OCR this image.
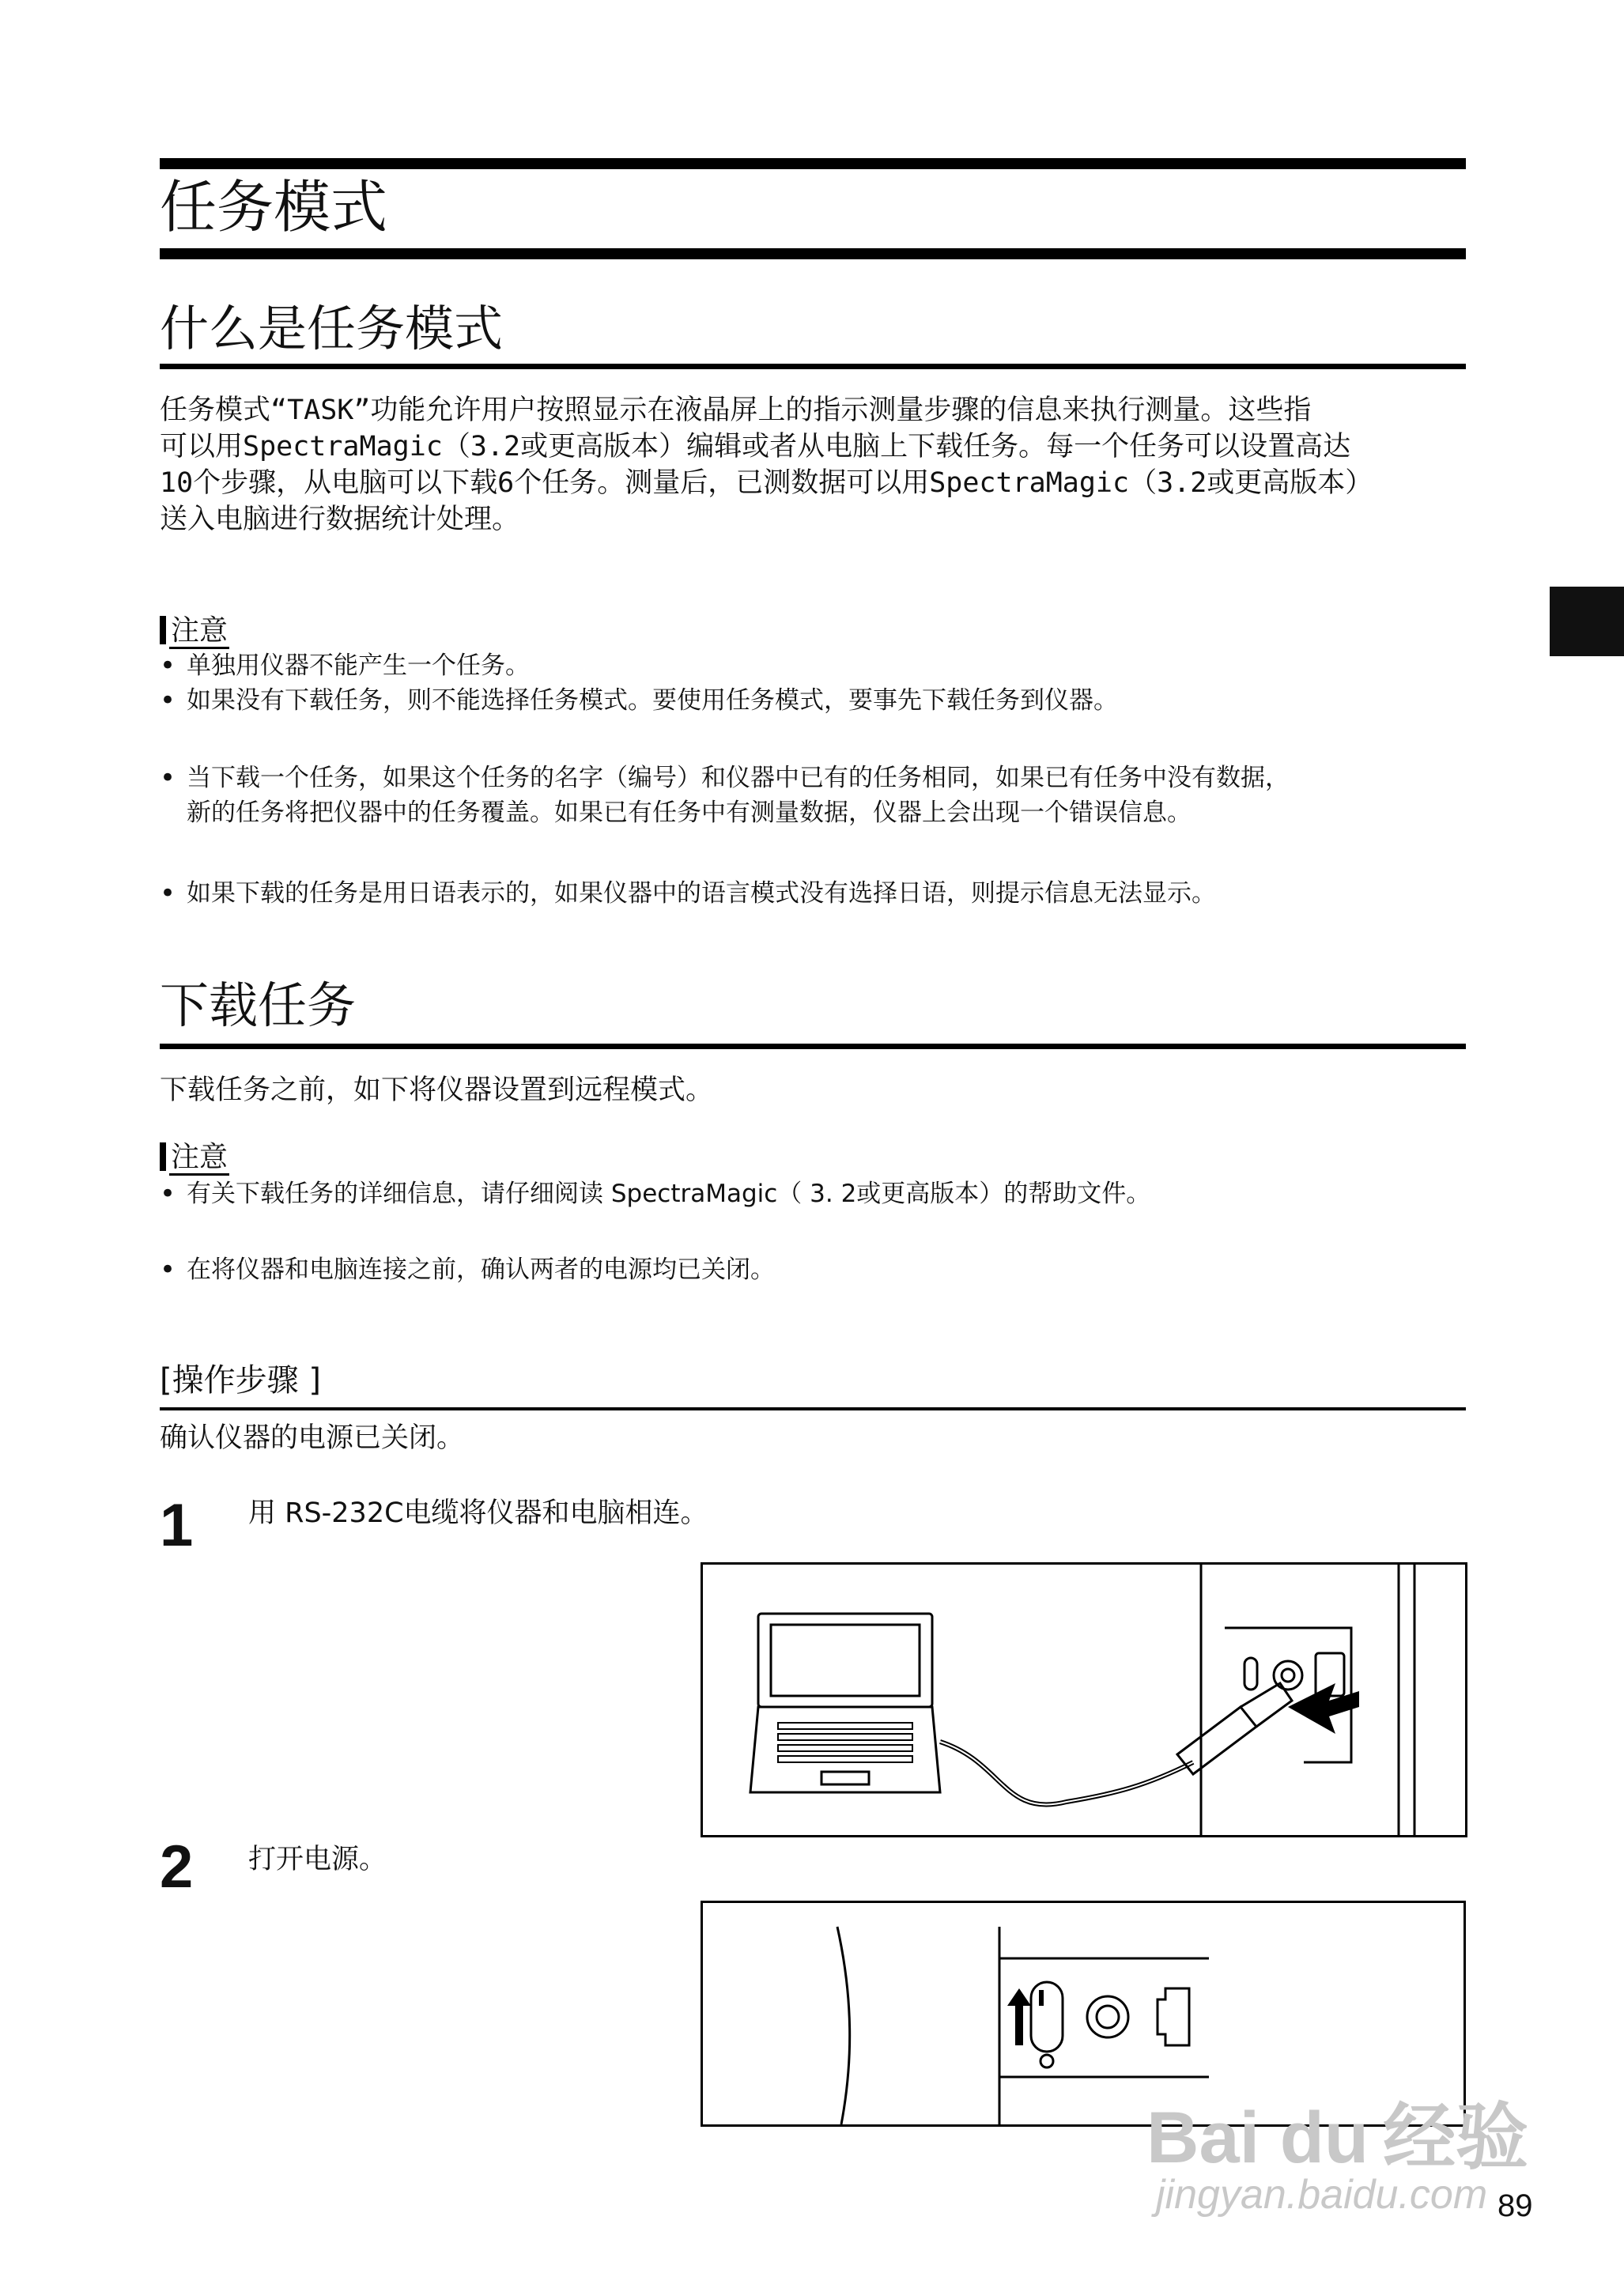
任务模式
什么是任务模式
任务模式“TASK”功能允许用户按照显示在液晶屏上的指示测量步骤的信息来执行测量。这些指
可以用SpectraMagic（3.2或更高版本）编辑或者从电脑上下载任务。每一个任务可以设置高达
10个步骤，从电脑可以下载6个任务。测量后，已测数据可以用SpectraMagic（3.2或更高版本）
送入电脑进行数据统计处理。
注意
• 单独用仪器不能产生一个任务。
• 如果没有下载任务，则不能选择任务模式。要使用任务模式，要事先下载任务到仪器。
• 当下载一个任务，如果这个任务的名字（编号）和仪器中已有的任务相同，如果已有任务中没有数据，
新的任务将把仪器中的任务覆盖。如果已有任务中有测量数据，仪器上会出现一个错误信息。
• 如果下载的任务是用日语表示的，如果仪器中的语言模式没有选择日语，则提示信息无法显示。
下载任务
下载任务之前，如下将仪器设置到远程模式。
注意
• 有关下载任务的详细信息，请仔细阅读 SpectraMagic（ 3. 2或更高版本）的帮助文件。
• 在将仪器和电脑连接之前，确认两者的电源均已关闭。
[操作步骤 ]
确认仪器的电源已关闭。
1 用 RS-232C电缆将仪器和电脑相连。
2 打开电源。
Bai du 经验
jingyan.baidu.com 89
